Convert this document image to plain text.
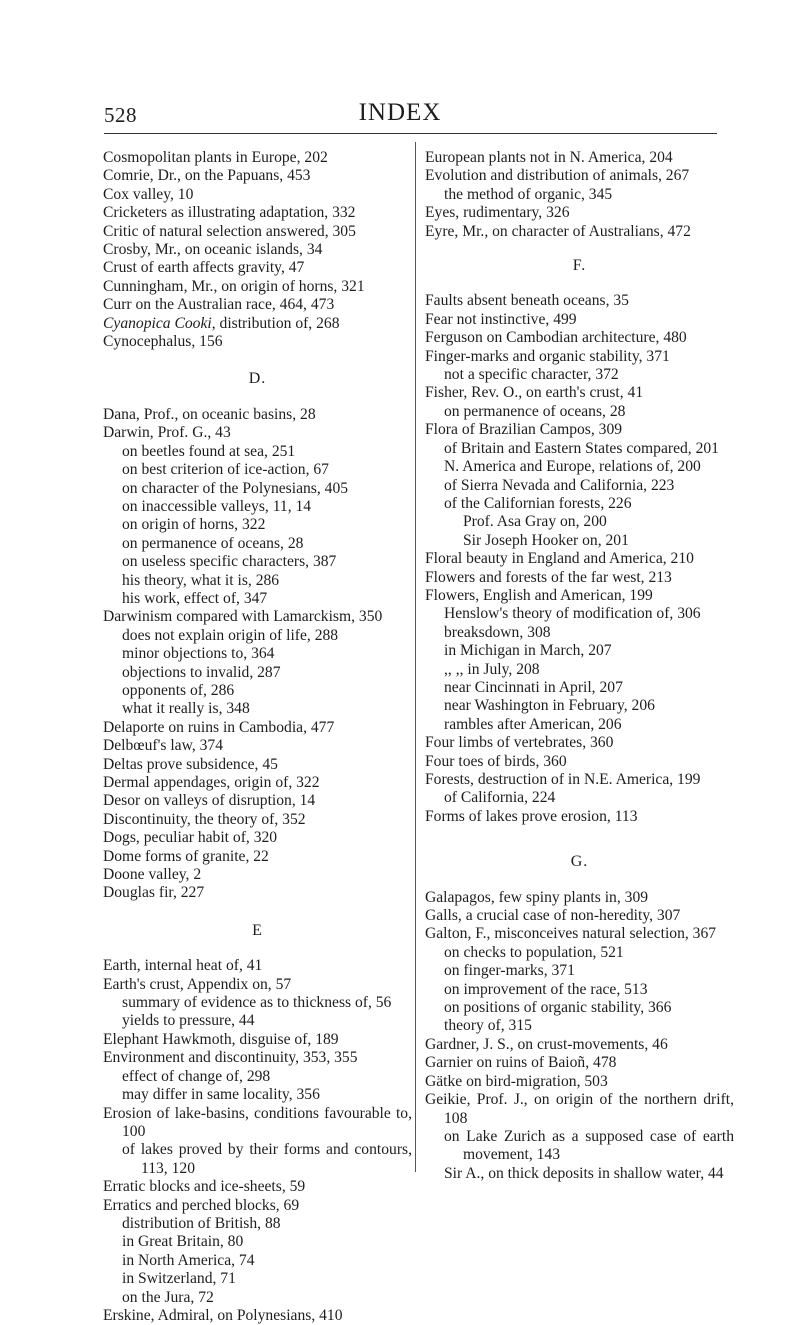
528	INDEX
Cosmopolitan plants in Europe, 202
Comrie, Dr., on the Papuans, 453
Cox valley, 10
Cricketers as illustrating adaptation, 332
Critic of natural selection answered, 305
Crosby, Mr., on oceanic islands, 34
Crust of earth affects gravity, 47
Cunningham, Mr., on origin of horns, 321
Curr on the Australian race, 464, 473
Cyanopica Cooki, distribution of, 268
Cynocephalus, 156
D.
Dana, Prof., on oceanic basins, 28
Darwin, Prof. G., 43
on beetles found at sea, 251
on best criterion of ice-action, 67
on character of the Polynesians, 405
on inaccessible valleys, 11, 14
on origin of horns, 322
on permanence of oceans, 28
on useless specific characters, 387
his theory, what it is, 286
his work, effect of, 347
Darwinism compared with Lamarckism, 350
does not explain origin of life, 288
minor objections to, 364
objections to invalid, 287
opponents of, 286
what it really is, 348
Delaporte on ruins in Cambodia, 477
Delbœuf's law, 374
Deltas prove subsidence, 45
Dermal appendages, origin of, 322
Desor on valleys of disruption, 14
Discontinuity, the theory of, 352
Dogs, peculiar habit of, 320
Dome forms of granite, 22
Doone valley, 2
Douglas fir, 227
E
Earth, internal heat of, 41
Earth's crust, Appendix on, 57
summary of evidence as to thickness of, 56
yields to pressure, 44
Elephant Hawkmoth, disguise of, 189
Environment and discontinuity, 353, 355
effect of change of, 298
may differ in same locality, 356
Erosion of lake-basins, conditions favourable to, 100
of lakes proved by their forms and contours, 113, 120
Erratic blocks and ice-sheets, 59
Erratics and perched blocks, 69
distribution of British, 88
in Great Britain, 80
in North America, 74
in Switzerland, 71
on the Jura, 72
Erskine, Admiral, on Polynesians, 410
European plants not in N. America, 204
Evolution and distribution of animals, 267
the method of organic, 345
Eyes, rudimentary, 326
Eyre, Mr., on character of Australians, 472
F.
Faults absent beneath oceans, 35
Fear not instinctive, 499
Ferguson on Cambodian architecture, 480
Finger-marks and organic stability, 371
not a specific character, 372
Fisher, Rev. O., on earth's crust, 41
on permanence of oceans, 28
Flora of Brazilian Campos, 309
of Britain and Eastern States compared, 201
N. America and Europe, relations of, 200
of Sierra Nevada and California, 223
of the Californian forests, 226
Prof. Asa Gray on, 200
Sir Joseph Hooker on, 201
Floral beauty in England and America, 210
Flowers and forests of the far west, 213
Flowers, English and American, 199
Henslow's theory of modification of, 306
breaksdown, 308
in Michigan in March, 207
,, ,, in July, 208
near Cincinnati in April, 207
near Washington in February, 206
rambles after American, 206
Four limbs of vertebrates, 360
Four toes of birds, 360
Forests, destruction of in N.E. America, 199
of California, 224
Forms of lakes prove erosion, 113
G.
Galapagos, few spiny plants in, 309
Galls, a crucial case of non-heredity, 307
Galton, F., misconceives natural selection, 367
on checks to population, 521
on finger-marks, 371
on improvement of the race, 513
on positions of organic stability, 366
theory of, 315
Gardner, J. S., on crust-movements, 46
Garnier on ruins of Baioñ, 478
Gätke on bird-migration, 503
Geikie, Prof. J., on origin of the northern drift, 108
on Lake Zurich as a supposed case of earth movement, 143
Sir A., on thick deposits in shallow water, 44
